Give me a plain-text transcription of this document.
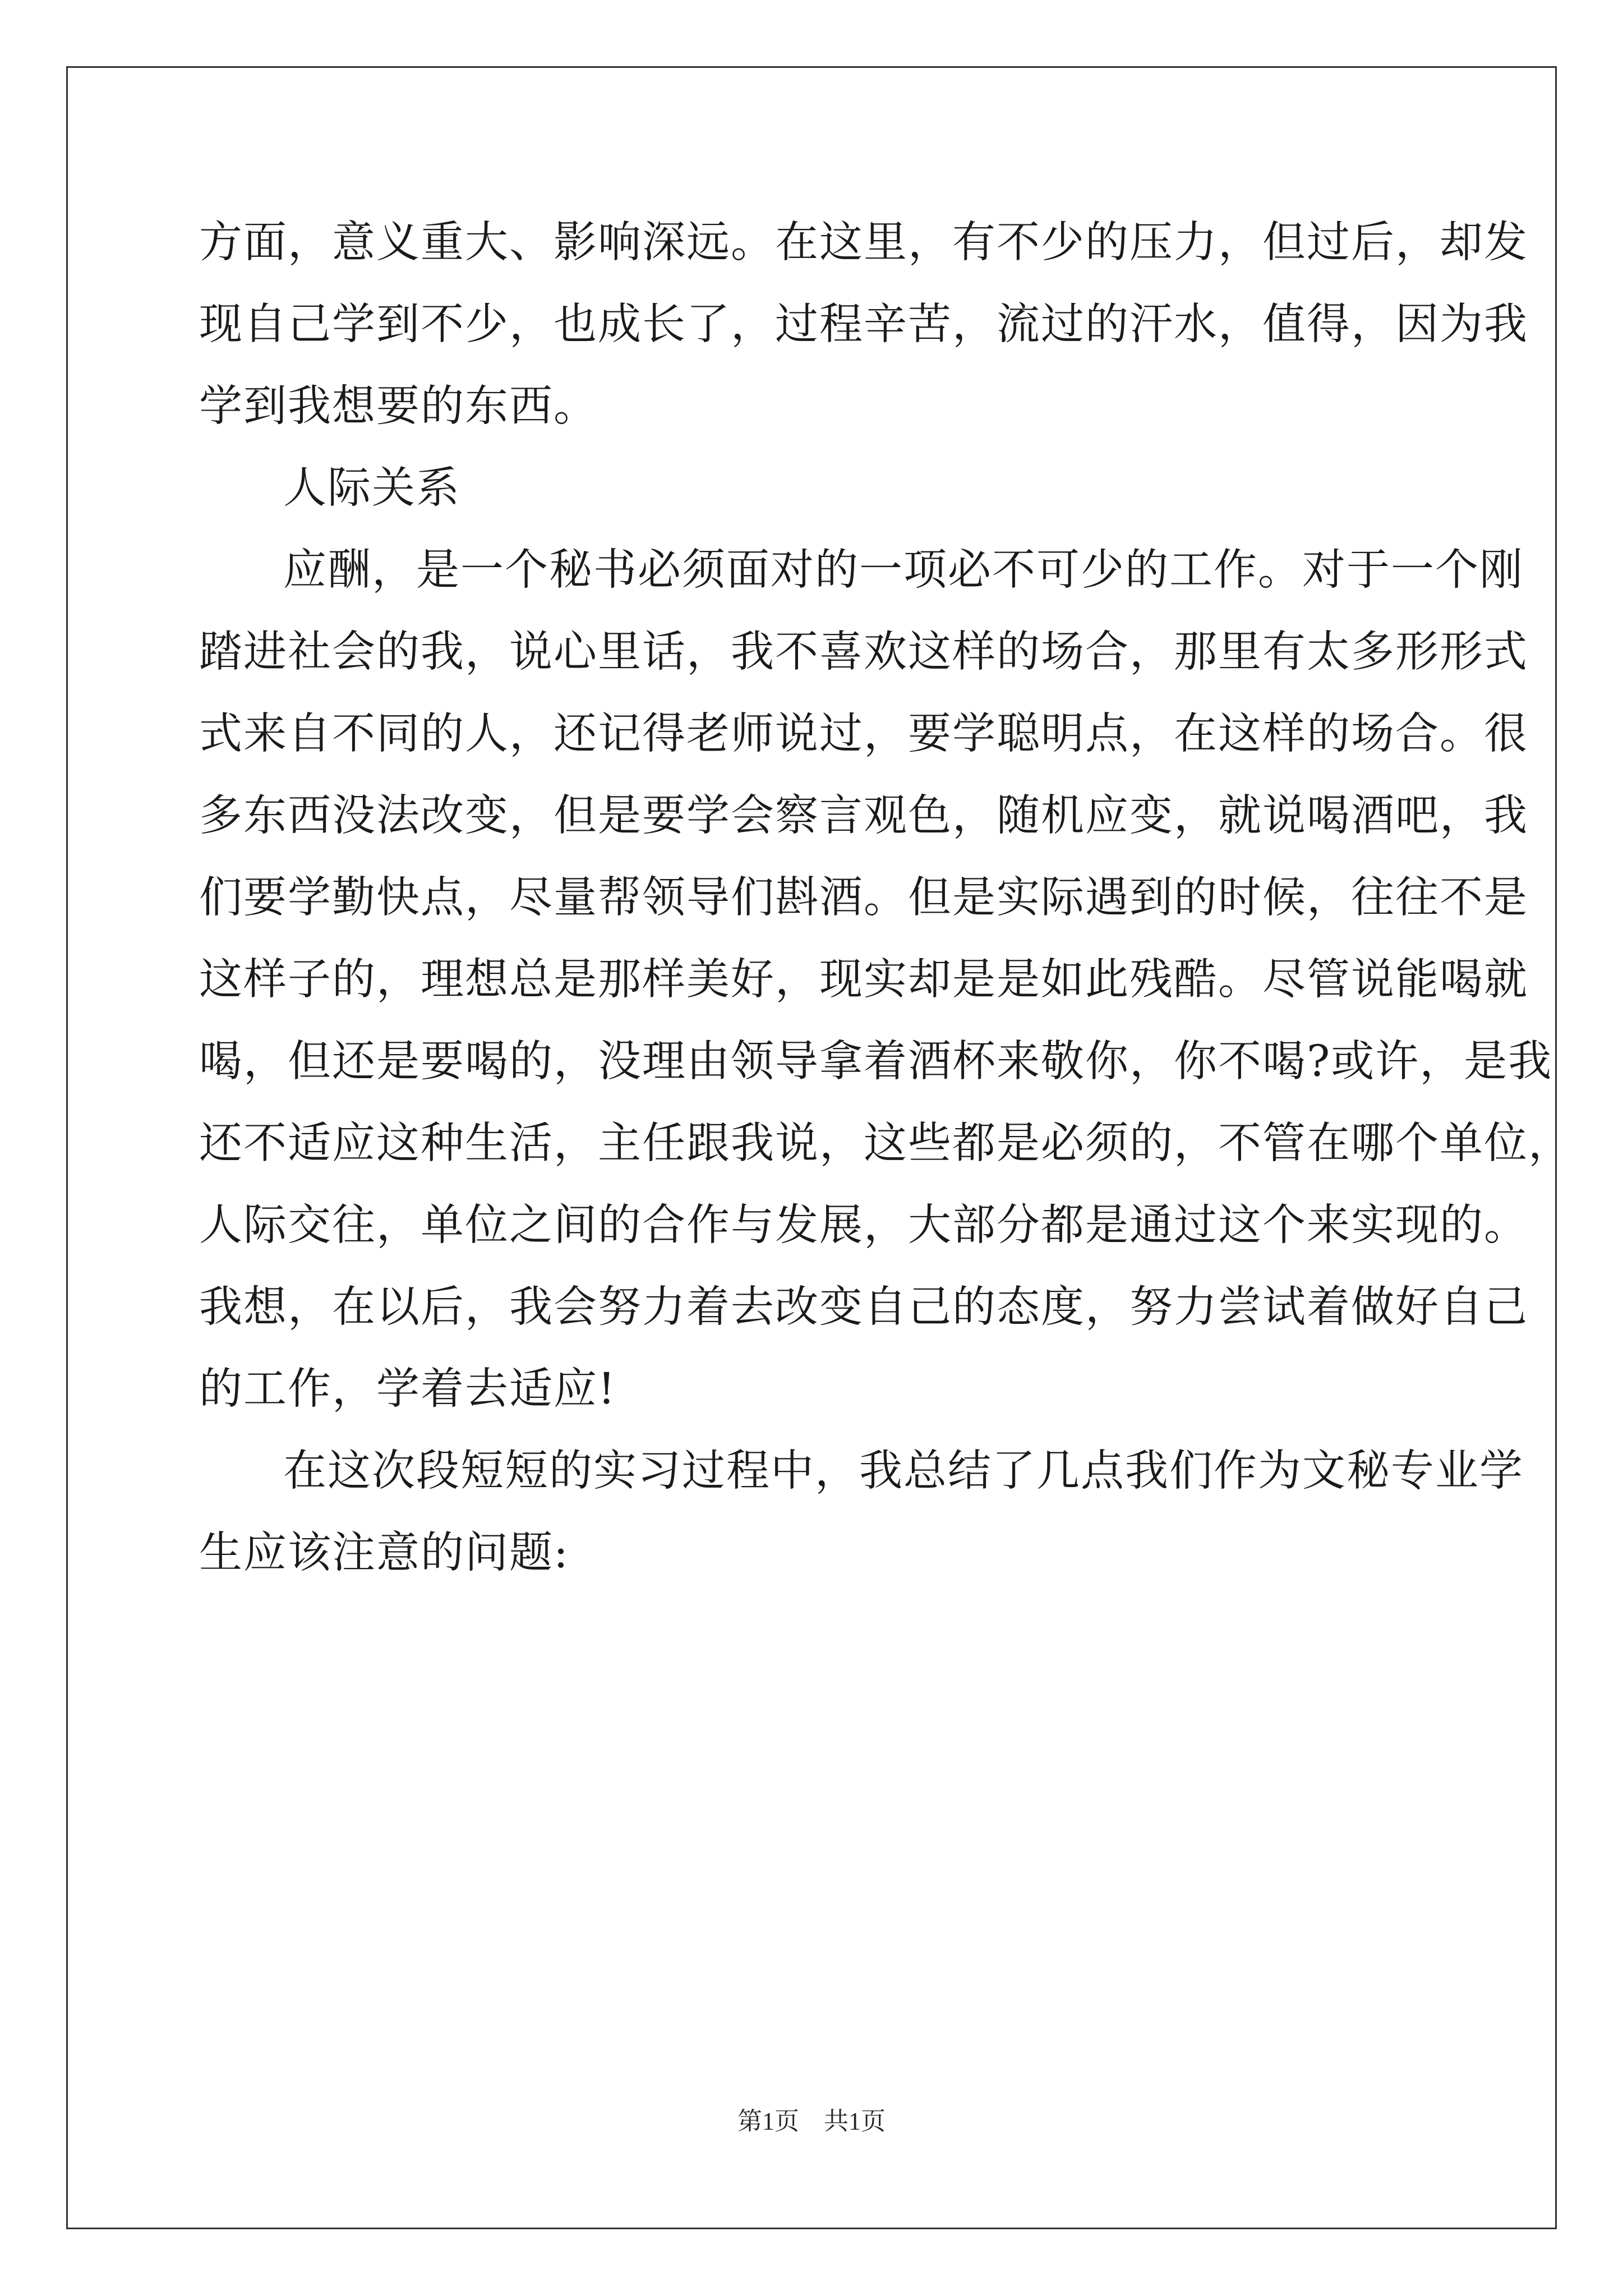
方面，意义重大、影响深远。在这里，有不少的压力，但过后，却发
现自己学到不少，也成长了，过程辛苦，流过的汗水，值得，因为我
学到我想要的东西。
人际关系
应酬，是一个秘书必须面对的一项必不可少的工作。对于一个刚
踏进社会的我，说心里话，我不喜欢这样的场合，那里有太多形形式
式来自不同的人，还记得老师说过，要学聪明点，在这样的场合。很
多东西没法改变，但是要学会察言观色，随机应变，就说喝酒吧，我
们要学勤快点，尽量帮领导们斟酒。但是实际遇到的时候，往往不是
这样子的，理想总是那样美好，现实却是是如此残酷。尽管说能喝就
喝，但还是要喝的，没理由领导拿着酒杯来敬你，你不喝?或许，是我
还不适应这种生活，主任跟我说，这些都是必须的，不管在哪个单位，
人际交往，单位之间的合作与发展，大部分都是通过这个来实现的。
我想，在以后，我会努力着去改变自己的态度，努力尝试着做好自己
的工作，学着去适应!
在这次段短短的实习过程中，我总结了几点我们作为文秘专业学
生应该注意的问题:
第1页　共1页
